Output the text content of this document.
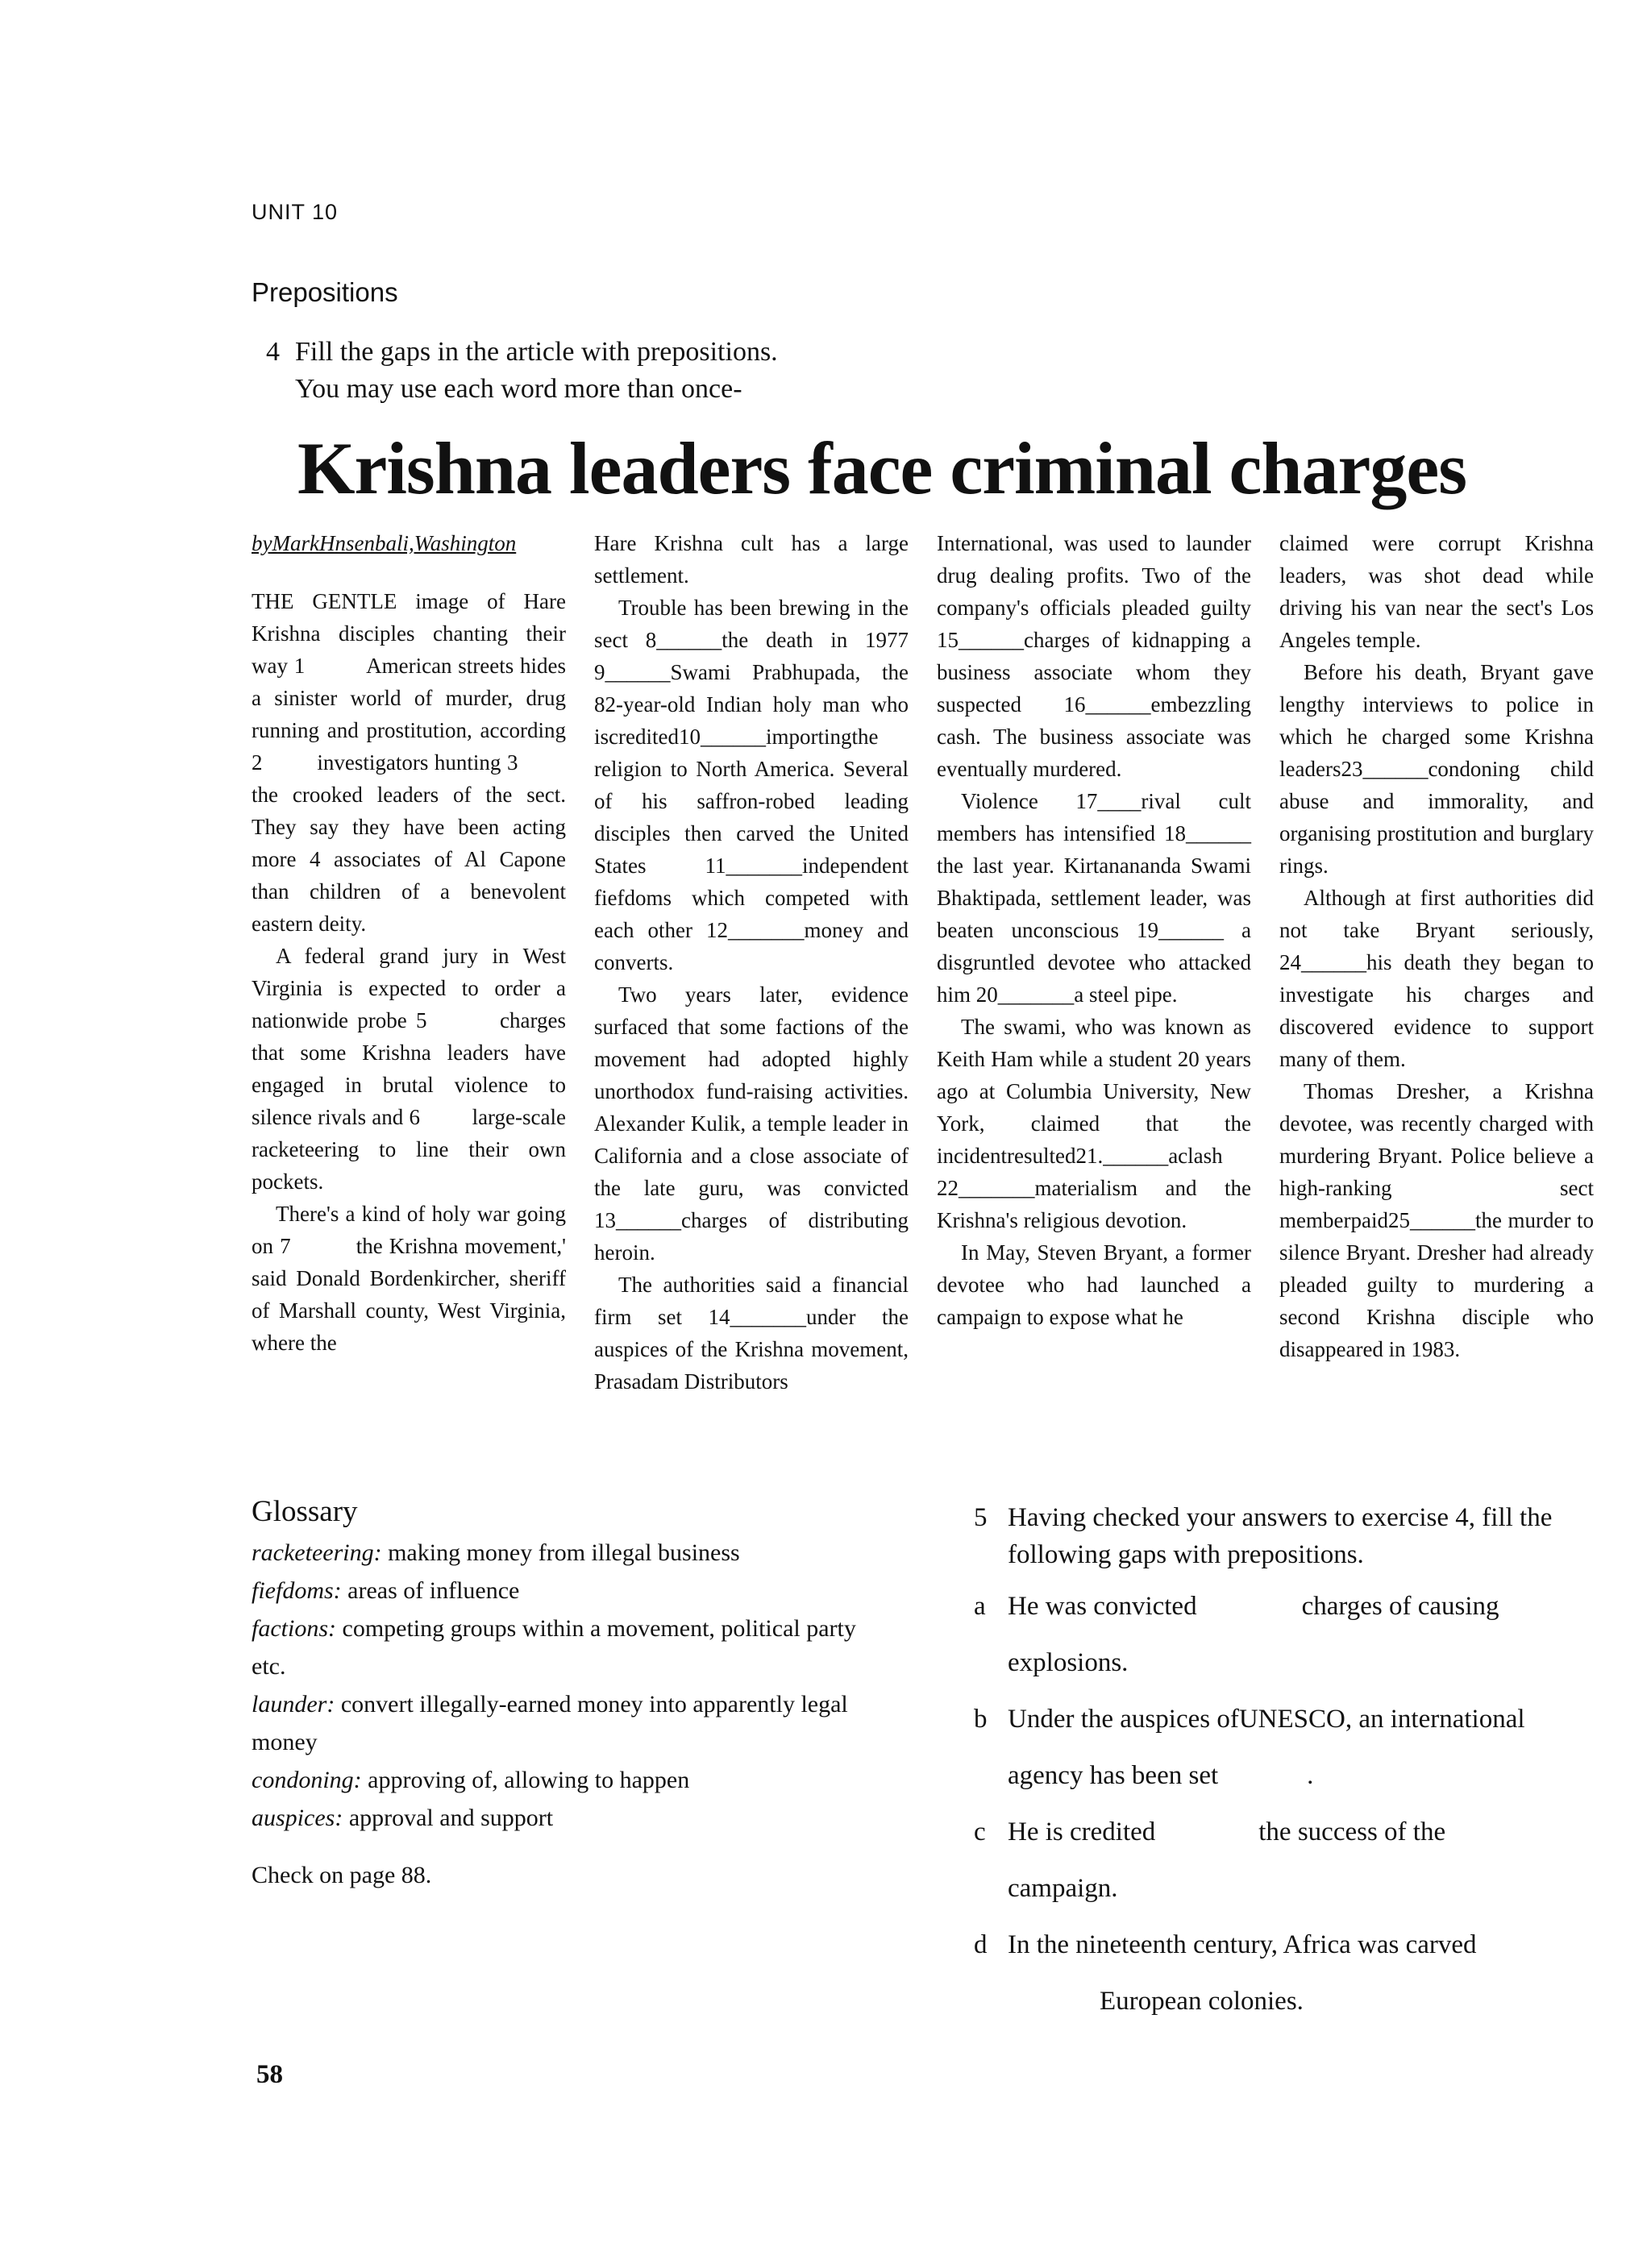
UNIT 10
Prepositions
4 Fill the gaps in the article with prepositions.
You may use each word more than once-
Krishna leaders face criminal charges

byMarkHnsenbali,Washington

THE GENTLE image of Hare Krishna disciples chanting their way 1          American streets hides a sinister world of murder, drug running and prostitution, according 2         investigators hunting 3         the crooked leaders of the sect. They say they have been acting more 4 associates of Al Capone than children of a benevolent eastern deity.

A federal grand jury in West Virginia is expected to order a nationwide probe 5        charges that some Krishna leaders have engaged in brutal violence to silence rivals and 6         large-scale racketeering to line their own pockets.

There's a kind of holy war going on 7          the Krishna movement,' said Donald Bordenkircher, sheriff of Marshall county, West Virginia, where the

Hare Krishna cult has a large settlement.

Trouble has been brewing in the sect 8______the death in 1977 9______Swami Prabhupada, the 82-year-old Indian holy man who iscredited10______importingthe religion to North America. Several of his saffron-robed leading disciples then carved the United States 11_______independent fiefdoms which competed with each other 12_______money and converts.

Two years later, evidence surfaced that some factions of the movement had adopted highly unorthodox fund-raising activities. Alexander Kulik, a temple leader in California and a close associate of the late guru, was convicted 13______charges of distributing heroin.

The authorities said a financial firm set 14_______under the auspices of the Krishna movement, Prasadam Distributors

International, was used to launder drug dealing profits. Two of the company's officials pleaded guilty 15______charges of kidnapping a business associate whom they suspected 16______embezzling cash. The business associate was eventually murdered.

Violence 17____rival cult members has intensified 18______ the last year. Kirtanananda Swami Bhaktipada, settlement leader, was beaten unconscious 19______ a disgruntled devotee who attacked him 20_______a steel pipe.

The swami, who was known as Keith Ham while a student 20 years ago at Columbia University, New York, claimed that the incidentresulted21.______aclash 22_______materialism and the Krishna's religious devotion.

In May, Steven Bryant, a former devotee who had launched a campaign to expose what he

claimed were corrupt Krishna leaders, was shot dead while driving his van near the sect's Los Angeles temple.

Before his death, Bryant gave lengthy interviews to police in which he charged some Krishna leaders23______condoning child abuse and immorality, and organising prostitution and burglary rings.

Although at first authorities did not take Bryant seriously, 24______his death they began to investigate his charges and discovered evidence to support many of them.

Thomas Dresher, a Krishna devotee, was recently charged with murdering Bryant. Police believe a high-ranking sect memberpaid25______the murder to silence Bryant. Dresher had already pleaded guilty to murdering a second Krishna disciple who disappeared in 1983.

Glossary
racketeering: making money from illegal business
fiefdoms: areas of influence
factions: competing groups within a movement, political party etc.
launder: convert illegally-earned money into apparently legal money
condoning: approving of, allowing to happen
auspices: approval and support
Check on page 88.
5 Having checked your answers to exercise 4, fill the
following gaps with prepositions.
a He was convicted	charges of causing
explosions.
b Under the auspices ofUNESCO, an international
agency has been set	.
c He is credited	the success of the
campaign.
d In the nineteenth century, Africa was carved
European colonies.
58
